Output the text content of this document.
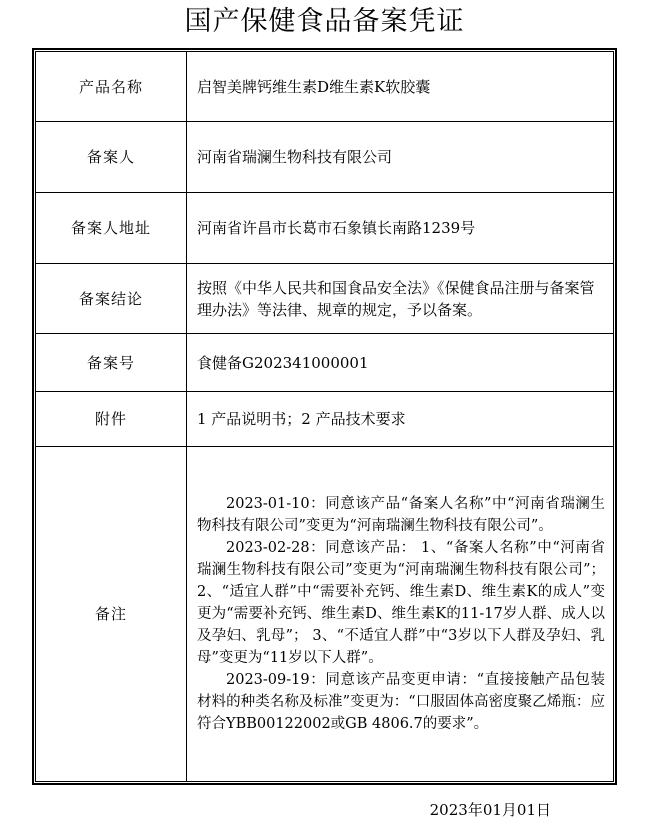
国产保健食品备案凭证
产品名称	启智美牌钙维生素D维生素K软胶囊
备案人	河南省瑞澜生物科技有限公司
备案人地址	河南省许昌市长葛市石象镇长南路1239号
备案结论	按照《中华人民共和国食品安全法》《保健食品注册与备案管理办法》等法律、规章的规定，予以备案。
备案号	食健备G202341000001
附件	1 产品说明书；2 产品技术要求
备注	2023-01-10：同意该产品“备案人名称”中“河南省瑞澜生物科技有限公司”变更为“河南瑞澜生物科技有限公司”。

2023-02-28：同意该产品： 1、“备案人名称”中“河南省瑞澜生物科技有限公司”变更为“河南瑞澜生物科技有限公司”； 2、“适宜人群”中“需要补充钙、维生素D、维生素K的成人”变更为“需要补充钙、维生素D、维生素K的11-17岁人群、成人以及孕妇、乳母”； 3、“不适宜人群”中“3岁以下人群及孕妇、乳母”变更为“11岁以下人群”。

2023-09-19：同意该产品变更申请：“直接接触产品包装材料的种类名称及标准”变更为：“口服固体高密度聚乙烯瓶：应符合YBB00122002或GB 4806.7的要求”。

2023年01月01日
